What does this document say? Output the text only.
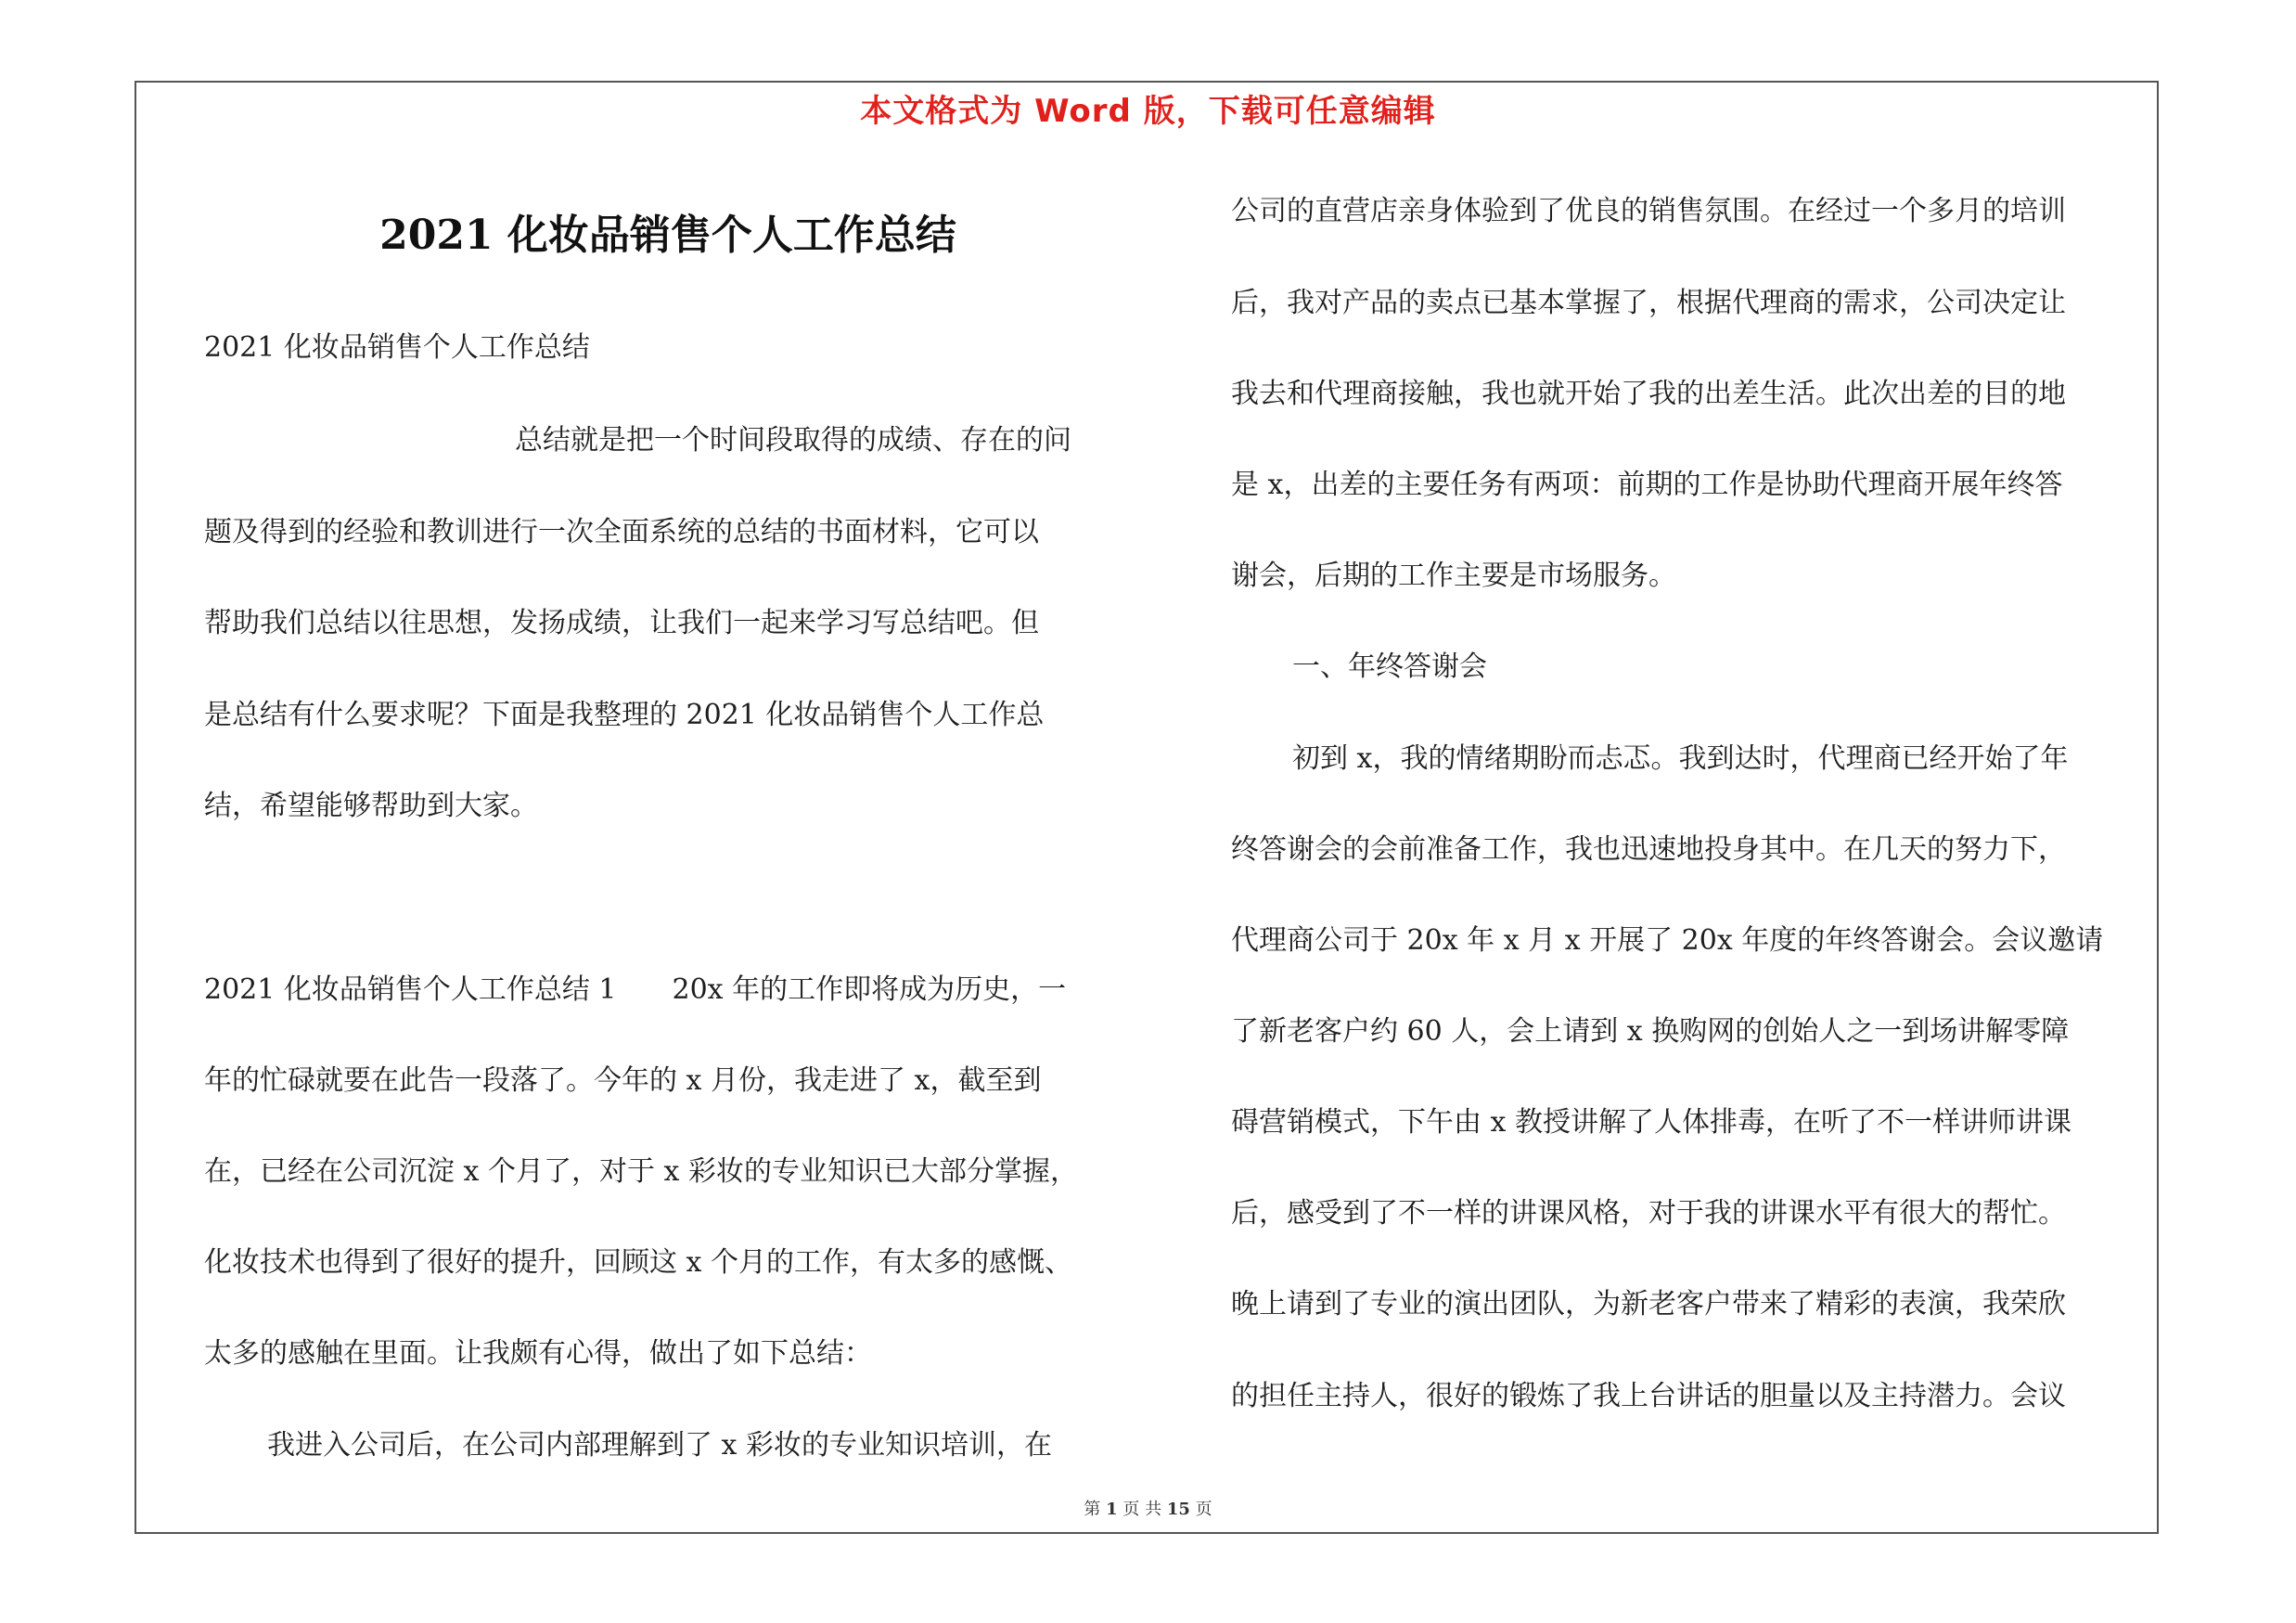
本文格式为 Word 版，下载可任意编辑
2021 化妆品销售个人工作总结

2021 化妆品销售个人工作总结

总结就是把一个时间段取得的成绩、存在的问

题及得到的经验和教训进行一次全面系统的总结的书面材料，它可以

帮助我们总结以往思想，发扬成绩，让我们一起来学习写总结吧。但

是总结有什么要求呢？下面是我整理的 2021 化妆品销售个人工作总

结，希望能够帮助到大家。

2021 化妆品销售个人工作总结 1　　20x 年的工作即将成为历史，一

年的忙碌就要在此告一段落了。今年的 x 月份，我走进了 x，截至到

在，已经在公司沉淀 x 个月了，对于 x 彩妆的专业知识已大部分掌握，

化妆技术也得到了很好的提升，回顾这 x 个月的工作，有太多的感慨、

太多的感触在里面。让我颇有心得，做出了如下总结：

我进入公司后，在公司内部理解到了 x 彩妆的专业知识培训，在

公司的直营店亲身体验到了优良的销售氛围。在经过一个多月的培训

后，我对产品的卖点已基本掌握了，根据代理商的需求，公司决定让

我去和代理商接触，我也就开始了我的出差生活。此次出差的目的地

是 x，出差的主要任务有两项：前期的工作是协助代理商开展年终答

谢会，后期的工作主要是市场服务。

一、年终答谢会

初到 x，我的情绪期盼而忐忑。我到达时，代理商已经开始了年

终答谢会的会前准备工作，我也迅速地投身其中。在几天的努力下，

代理商公司于 20x 年 x 月 x 开展了 20x 年度的年终答谢会。会议邀请

了新老客户约 60 人，会上请到 x 换购网的创始人之一到场讲解零障

碍营销模式，下午由 x 教授讲解了人体排毒，在听了不一样讲师讲课

后，感受到了不一样的讲课风格，对于我的讲课水平有很大的帮忙。

晚上请到了专业的演出团队，为新老客户带来了精彩的表演，我荣欣

的担任主持人，很好的锻炼了我上台讲话的胆量以及主持潜力。会议

第 1 页 共 15 页
